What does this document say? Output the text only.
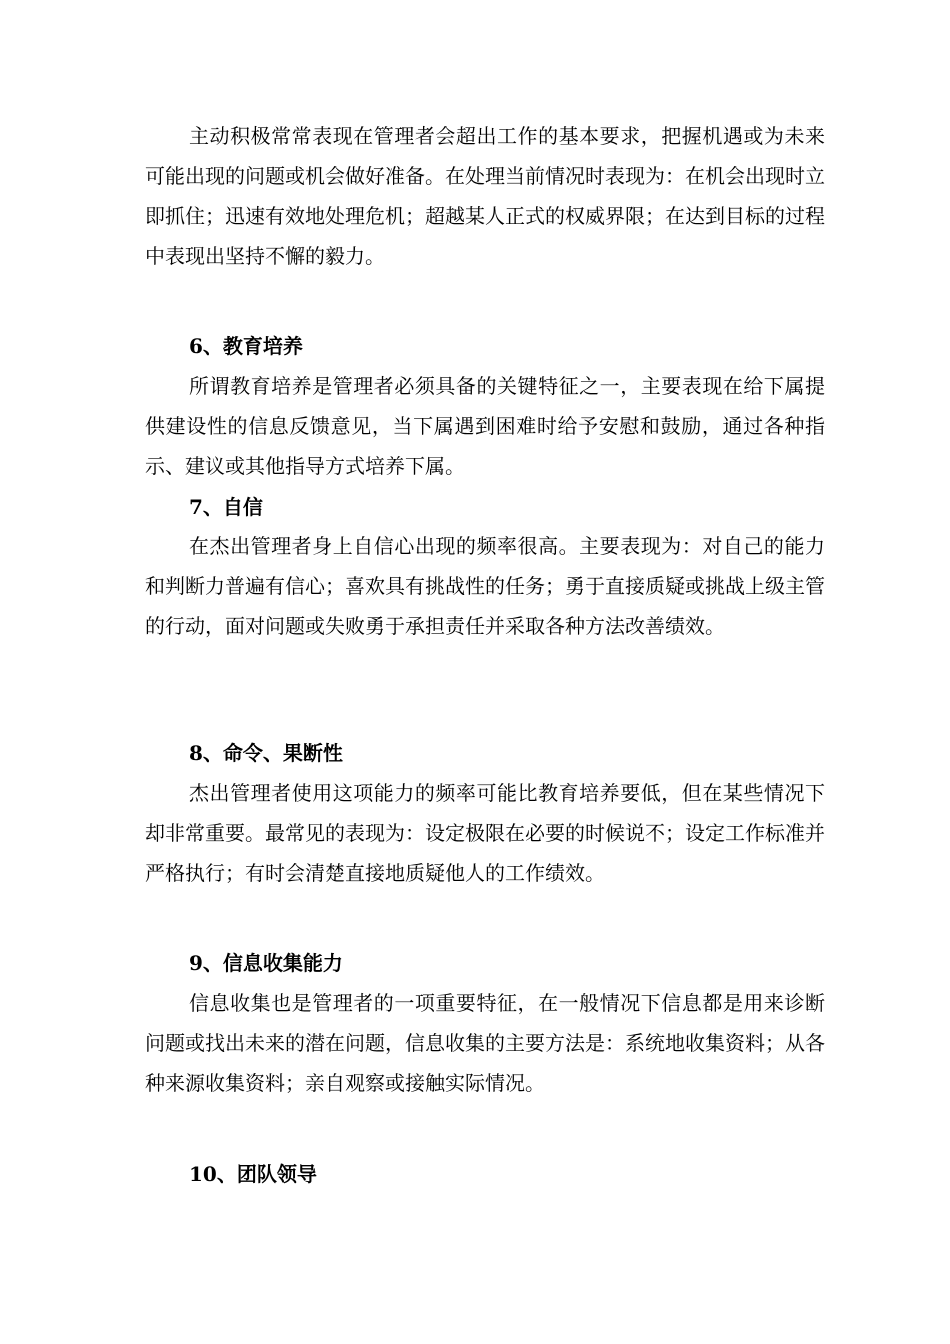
主动积极常常表现在管理者会超出工作的基本要求，把握机遇或为未来可能出现的问题或机会做好准备。在处理当前情况时表现为：在机会出现时立即抓住；迅速有效地处理危机；超越某人正式的权威界限；在达到目标的过程中表现出坚持不懈的毅力。

6、教育培养

所谓教育培养是管理者必须具备的关键特征之一，主要表现在给下属提供建设性的信息反馈意见，当下属遇到困难时给予安慰和鼓励，通过各种指示、建议或其他指导方式培养下属。

7、自信

在杰出管理者身上自信心出现的频率很高。主要表现为：对自己的能力和判断力普遍有信心；喜欢具有挑战性的任务；勇于直接质疑或挑战上级主管的行动，面对问题或失败勇于承担责任并采取各种方法改善绩效。

8、命令、果断性

杰出管理者使用这项能力的频率可能比教育培养要低，但在某些情况下却非常重要。最常见的表现为：设定极限在必要的时候说不；设定工作标准并严格执行；有时会清楚直接地质疑他人的工作绩效。

9、信息收集能力

信息收集也是管理者的一项重要特征，在一般情况下信息都是用来诊断问题或找出未来的潜在问题，信息收集的主要方法是：系统地收集资料；从各种来源收集资料；亲自观察或接触实际情况。

10、团队领导
